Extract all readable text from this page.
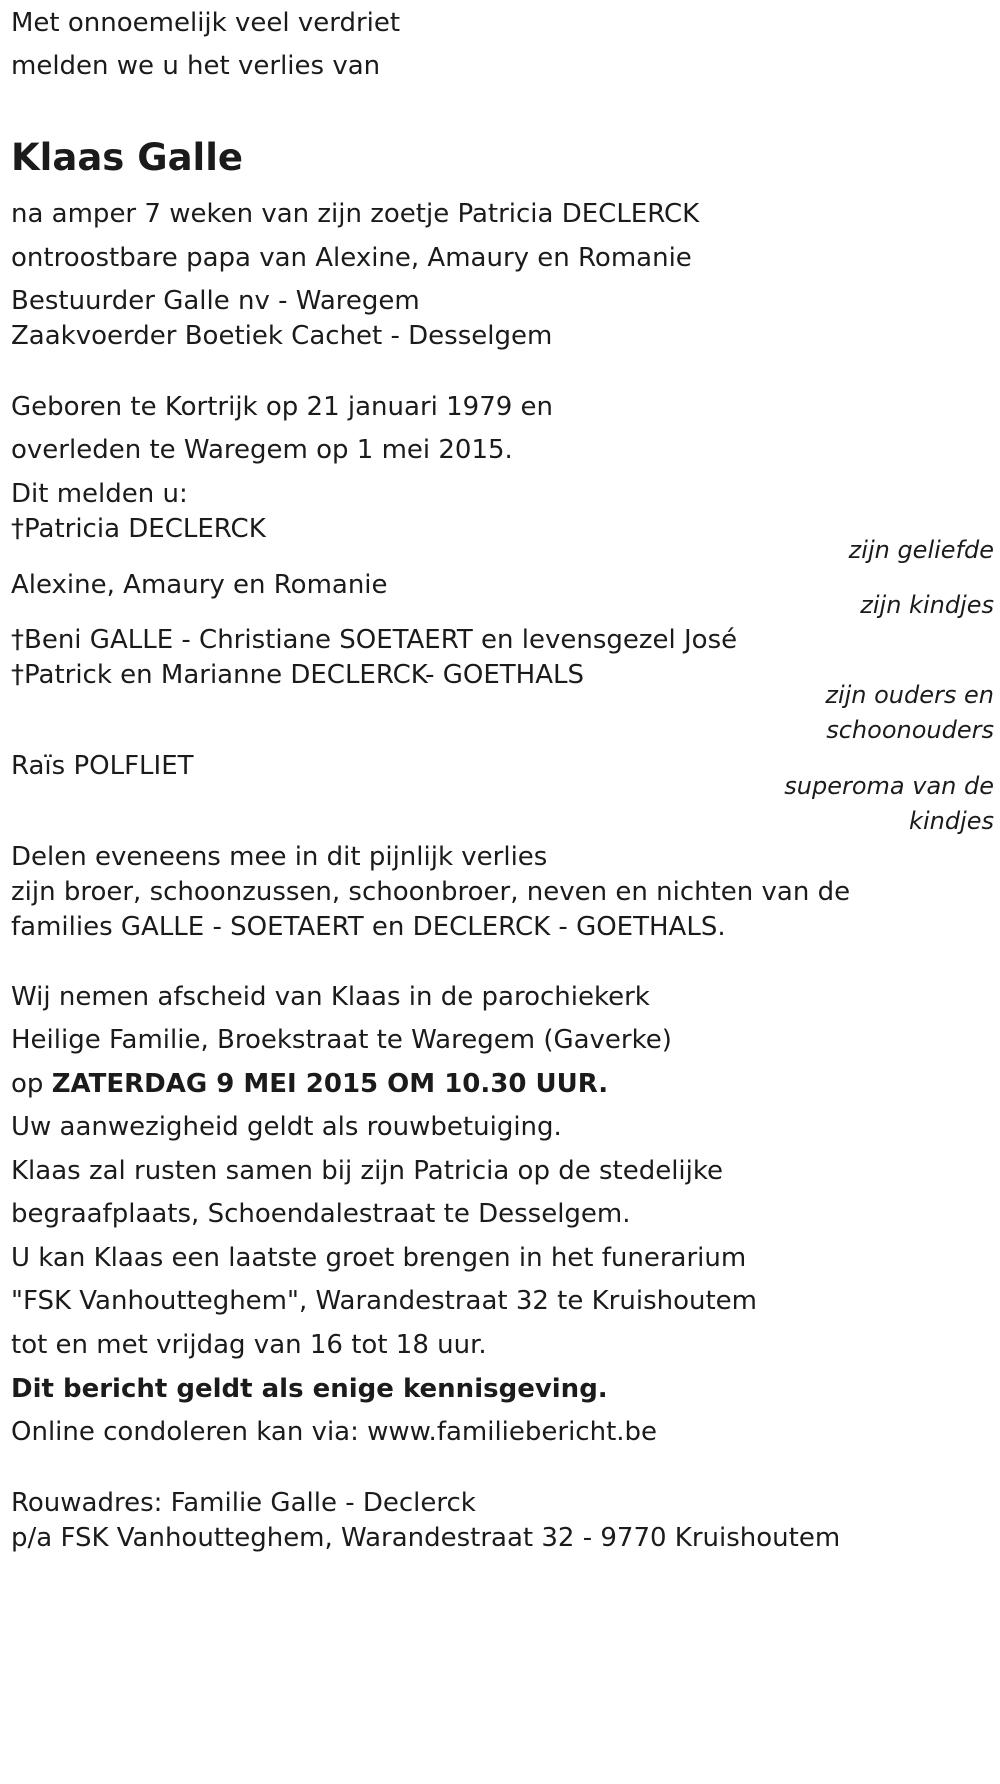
Met onnoemelijk veel verdriet
melden we u het verlies van
Klaas Galle
na amper 7 weken van zijn zoetje Patricia DECLERCK
ontroostbare papa van Alexine, Amaury en Romanie
Bestuurder Galle nv - Waregem
Zaakvoerder Boetiek Cachet - Desselgem
Geboren te Kortrijk op 21 januari 1979 en
overleden te Waregem op 1 mei 2015.
Dit melden u:
†Patricia DECLERCK
zijn geliefde
Alexine, Amaury en Romanie
zijn kindjes
†Beni GALLE - Christiane SOETAERT en levensgezel José
†Patrick en Marianne DECLERCK- GOETHALS
zijn ouders en
schoonouders
Raïs POLFLIET
superoma van de
kindjes
Delen eveneens mee in dit pijnlijk verlies
zijn broer, schoonzussen, schoonbroer, neven en nichten van de
families GALLE - SOETAERT en DECLERCK - GOETHALS.
Wij nemen afscheid van Klaas in de parochiekerk
Heilige Familie, Broekstraat te Waregem (Gaverke)
op ZATERDAG 9 MEI 2015 OM 10.30 UUR.
Uw aanwezigheid geldt als rouwbetuiging.
Klaas zal rusten samen bij zijn Patricia op de stedelijke
begraafplaats, Schoendalestraat te Desselgem.
U kan Klaas een laatste groet brengen in het funerarium
"FSK Vanhoutteghem", Warandestraat 32 te Kruishoutem
tot en met vrijdag van 16 tot 18 uur.
Dit bericht geldt als enige kennisgeving.
Online condoleren kan via: www.familiebericht.be
Rouwadres: Familie Galle - Declerck
p/a FSK Vanhoutteghem, Warandestraat 32 - 9770 Kruishoutem
